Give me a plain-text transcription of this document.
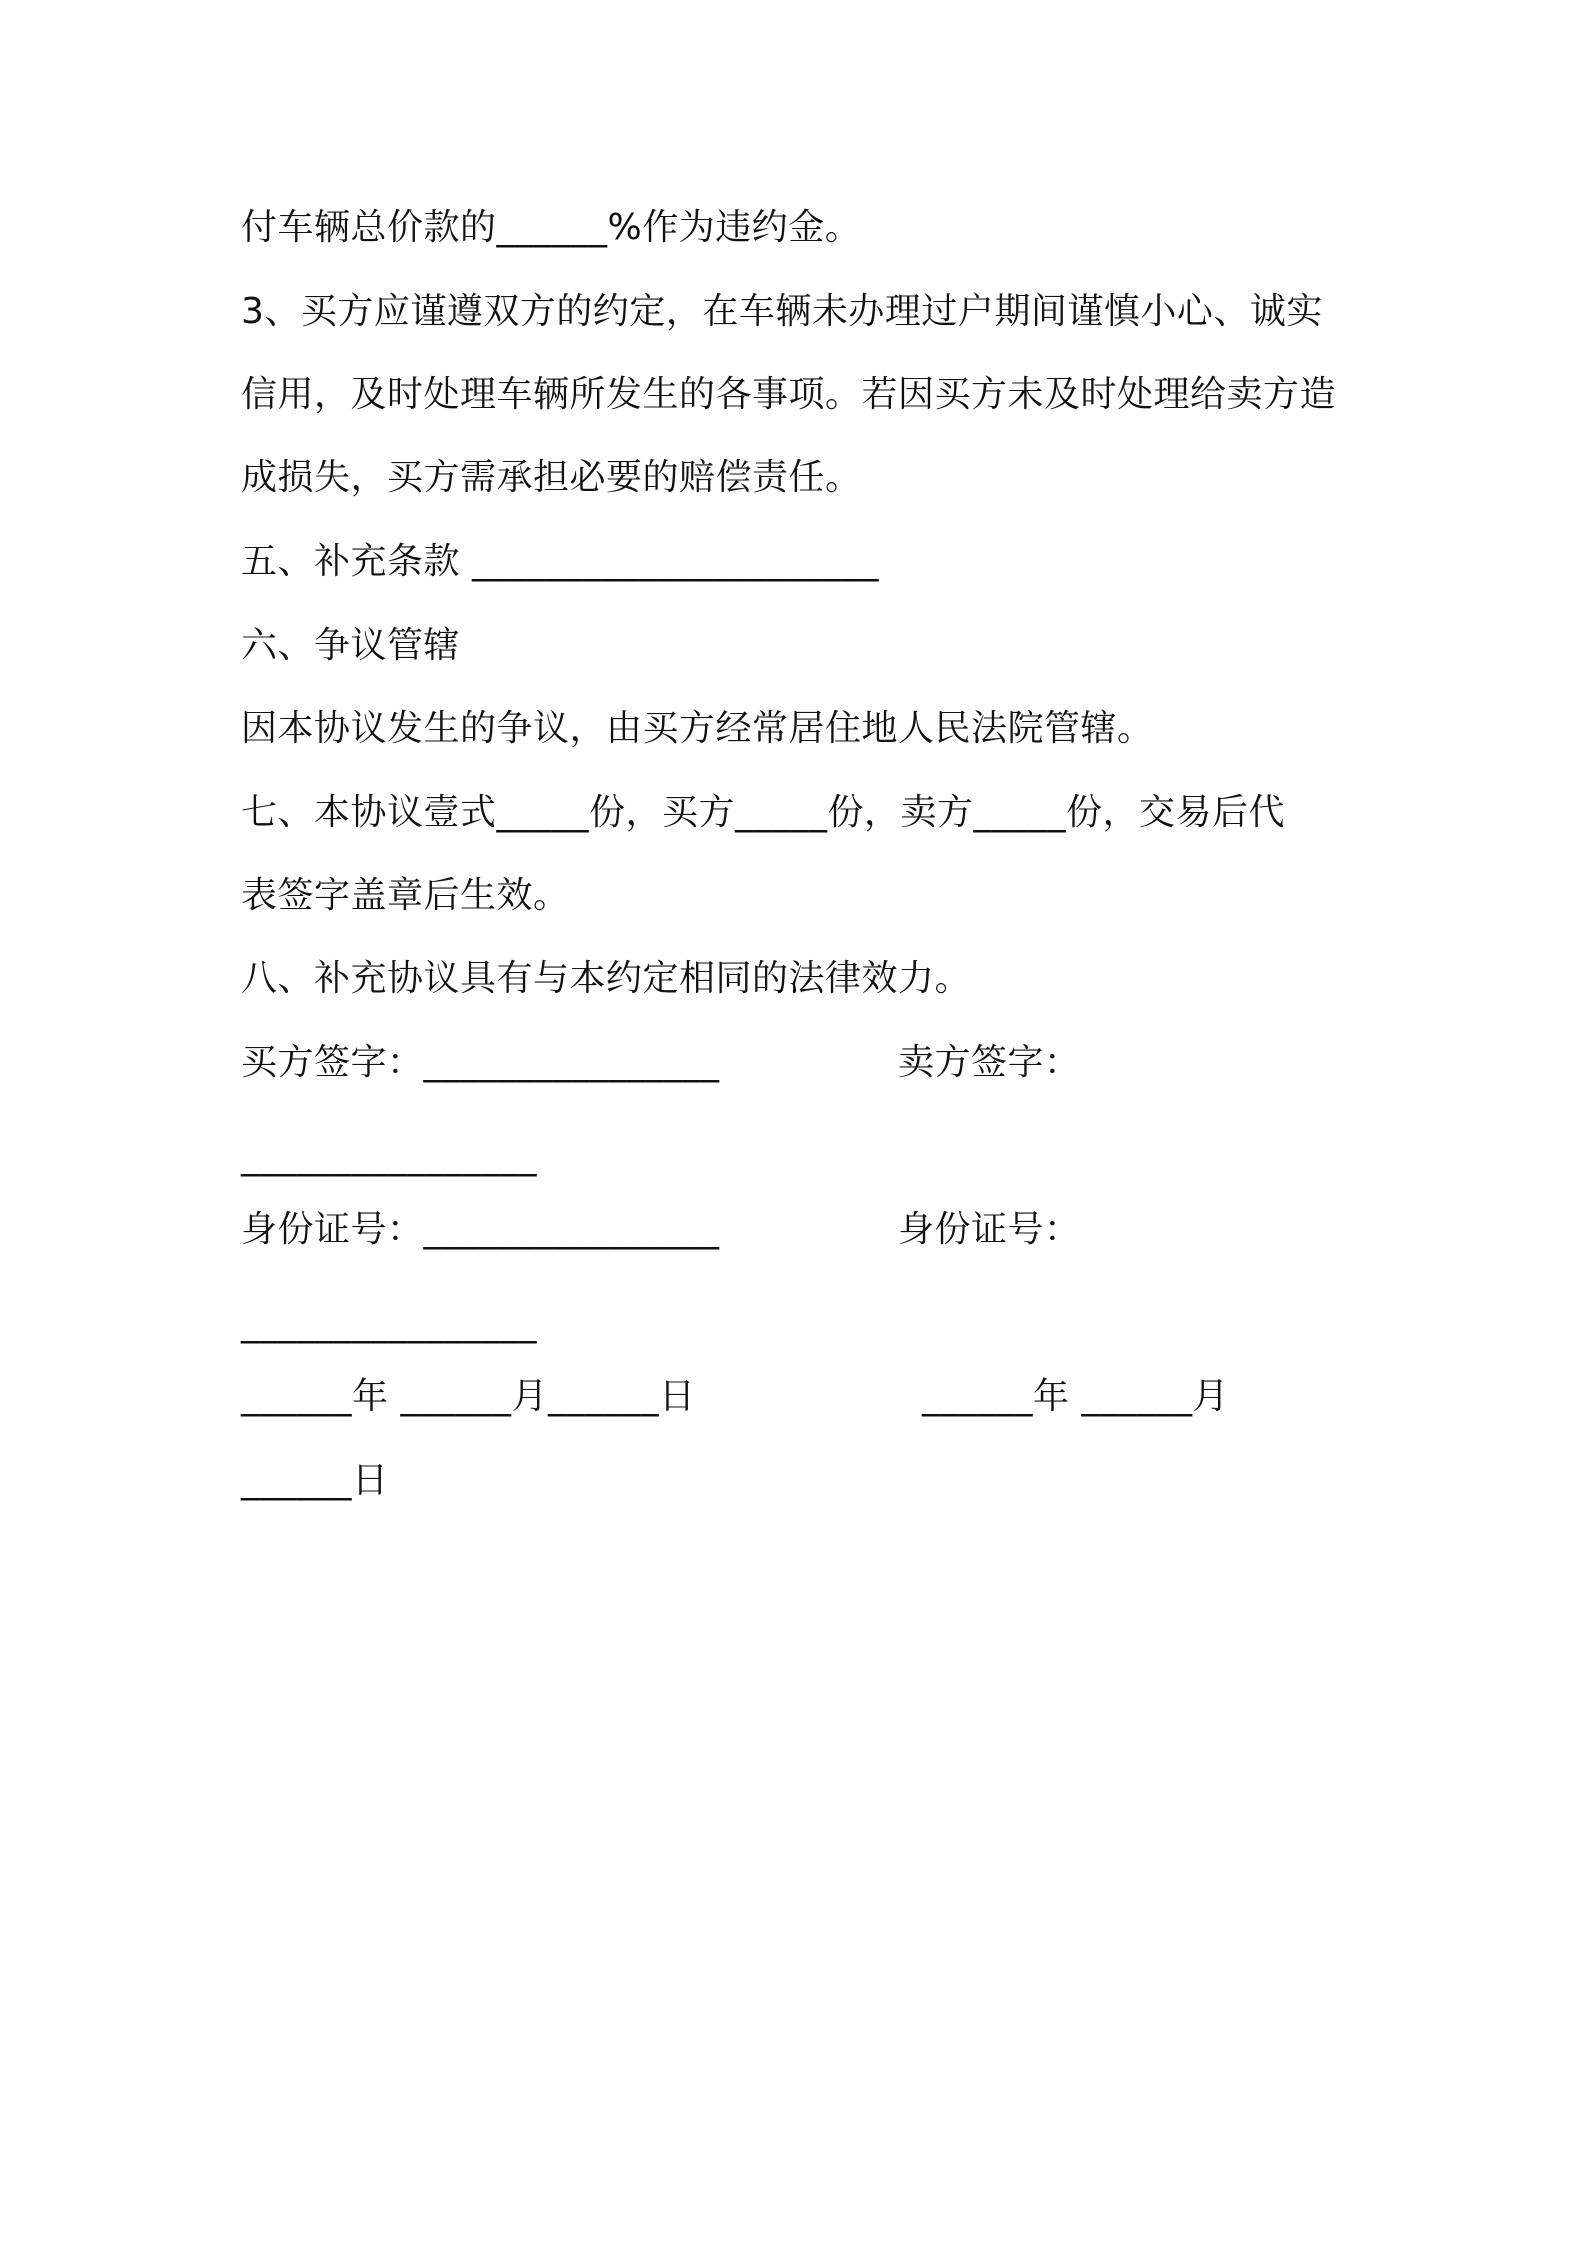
付车辆总价款的______%作为违约金。

3、买方应谨遵双方的约定，在车辆未办理过户期间谨慎小心、诚实

信用，及时处理车辆所发生的各事项。若因买方未及时处理给卖方造

成损失，买方需承担必要的赔偿责任。

五、补充条款 ______________________

六、争议管辖

因本协议发生的争议，由买方经常居住地人民法院管辖。

七、本协议壹式_____份，买方_____份，卖方_____份，交易后代

表签字盖章后生效。

八、补充协议具有与本约定相同的法律效力。

买方签字：________________	卖方签字：

________________

身份证号：________________	身份证号：

________________

______年 ______月______日	______年 ______月

______日
